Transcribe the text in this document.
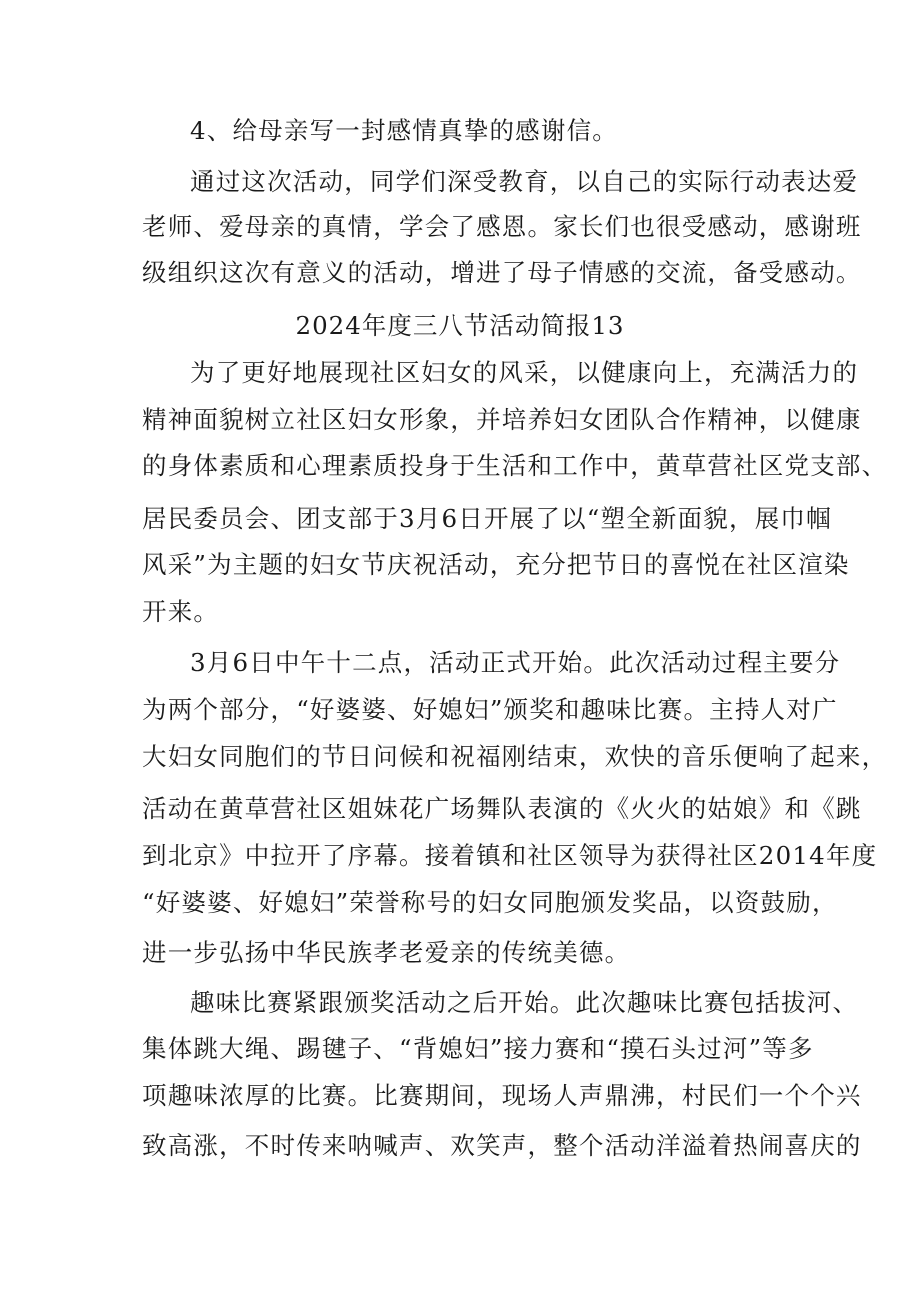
4、给母亲写一封感情真挚的感谢信。

通过这次活动，同学们深受教育，以自己的实际行动表达爱

老师、爱母亲的真情，学会了感恩。家长们也很受感动，感谢班

级组织这次有意义的活动，增进了母子情感的交流，备受感动。

2024年度三八节活动简报13

为了更好地展现社区妇女的风采，以健康向上，充满活力的

精神面貌树立社区妇女形象，并培养妇女团队合作精神，以健康

的身体素质和心理素质投身于生活和工作中，黄草营社区党支部、

居民委员会、团支部于3月6日开展了以“塑全新面貌，展巾帼

风采”为主题的妇女节庆祝活动，充分把节日的喜悦在社区渲染

开来。

3月6日中午十二点，活动正式开始。此次活动过程主要分

为两个部分，“好婆婆、好媳妇”颁奖和趣味比赛。主持人对广

大妇女同胞们的节日问候和祝福刚结束，欢快的音乐便响了起来，

活动在黄草营社区姐妹花广场舞队表演的《火火的姑娘》和《跳

到北京》中拉开了序幕。接着镇和社区领导为获得社区2014年度

“好婆婆、好媳妇”荣誉称号的妇女同胞颁发奖品，以资鼓励，

进一步弘扬中华民族孝老爱亲的传统美德。

趣味比赛紧跟颁奖活动之后开始。此次趣味比赛包括拔河、

集体跳大绳、踢毽子、“背媳妇”接力赛和“摸石头过河”等多

项趣味浓厚的比赛。比赛期间，现场人声鼎沸，村民们一个个兴

致高涨，不时传来呐喊声、欢笑声，整个活动洋溢着热闹喜庆的
